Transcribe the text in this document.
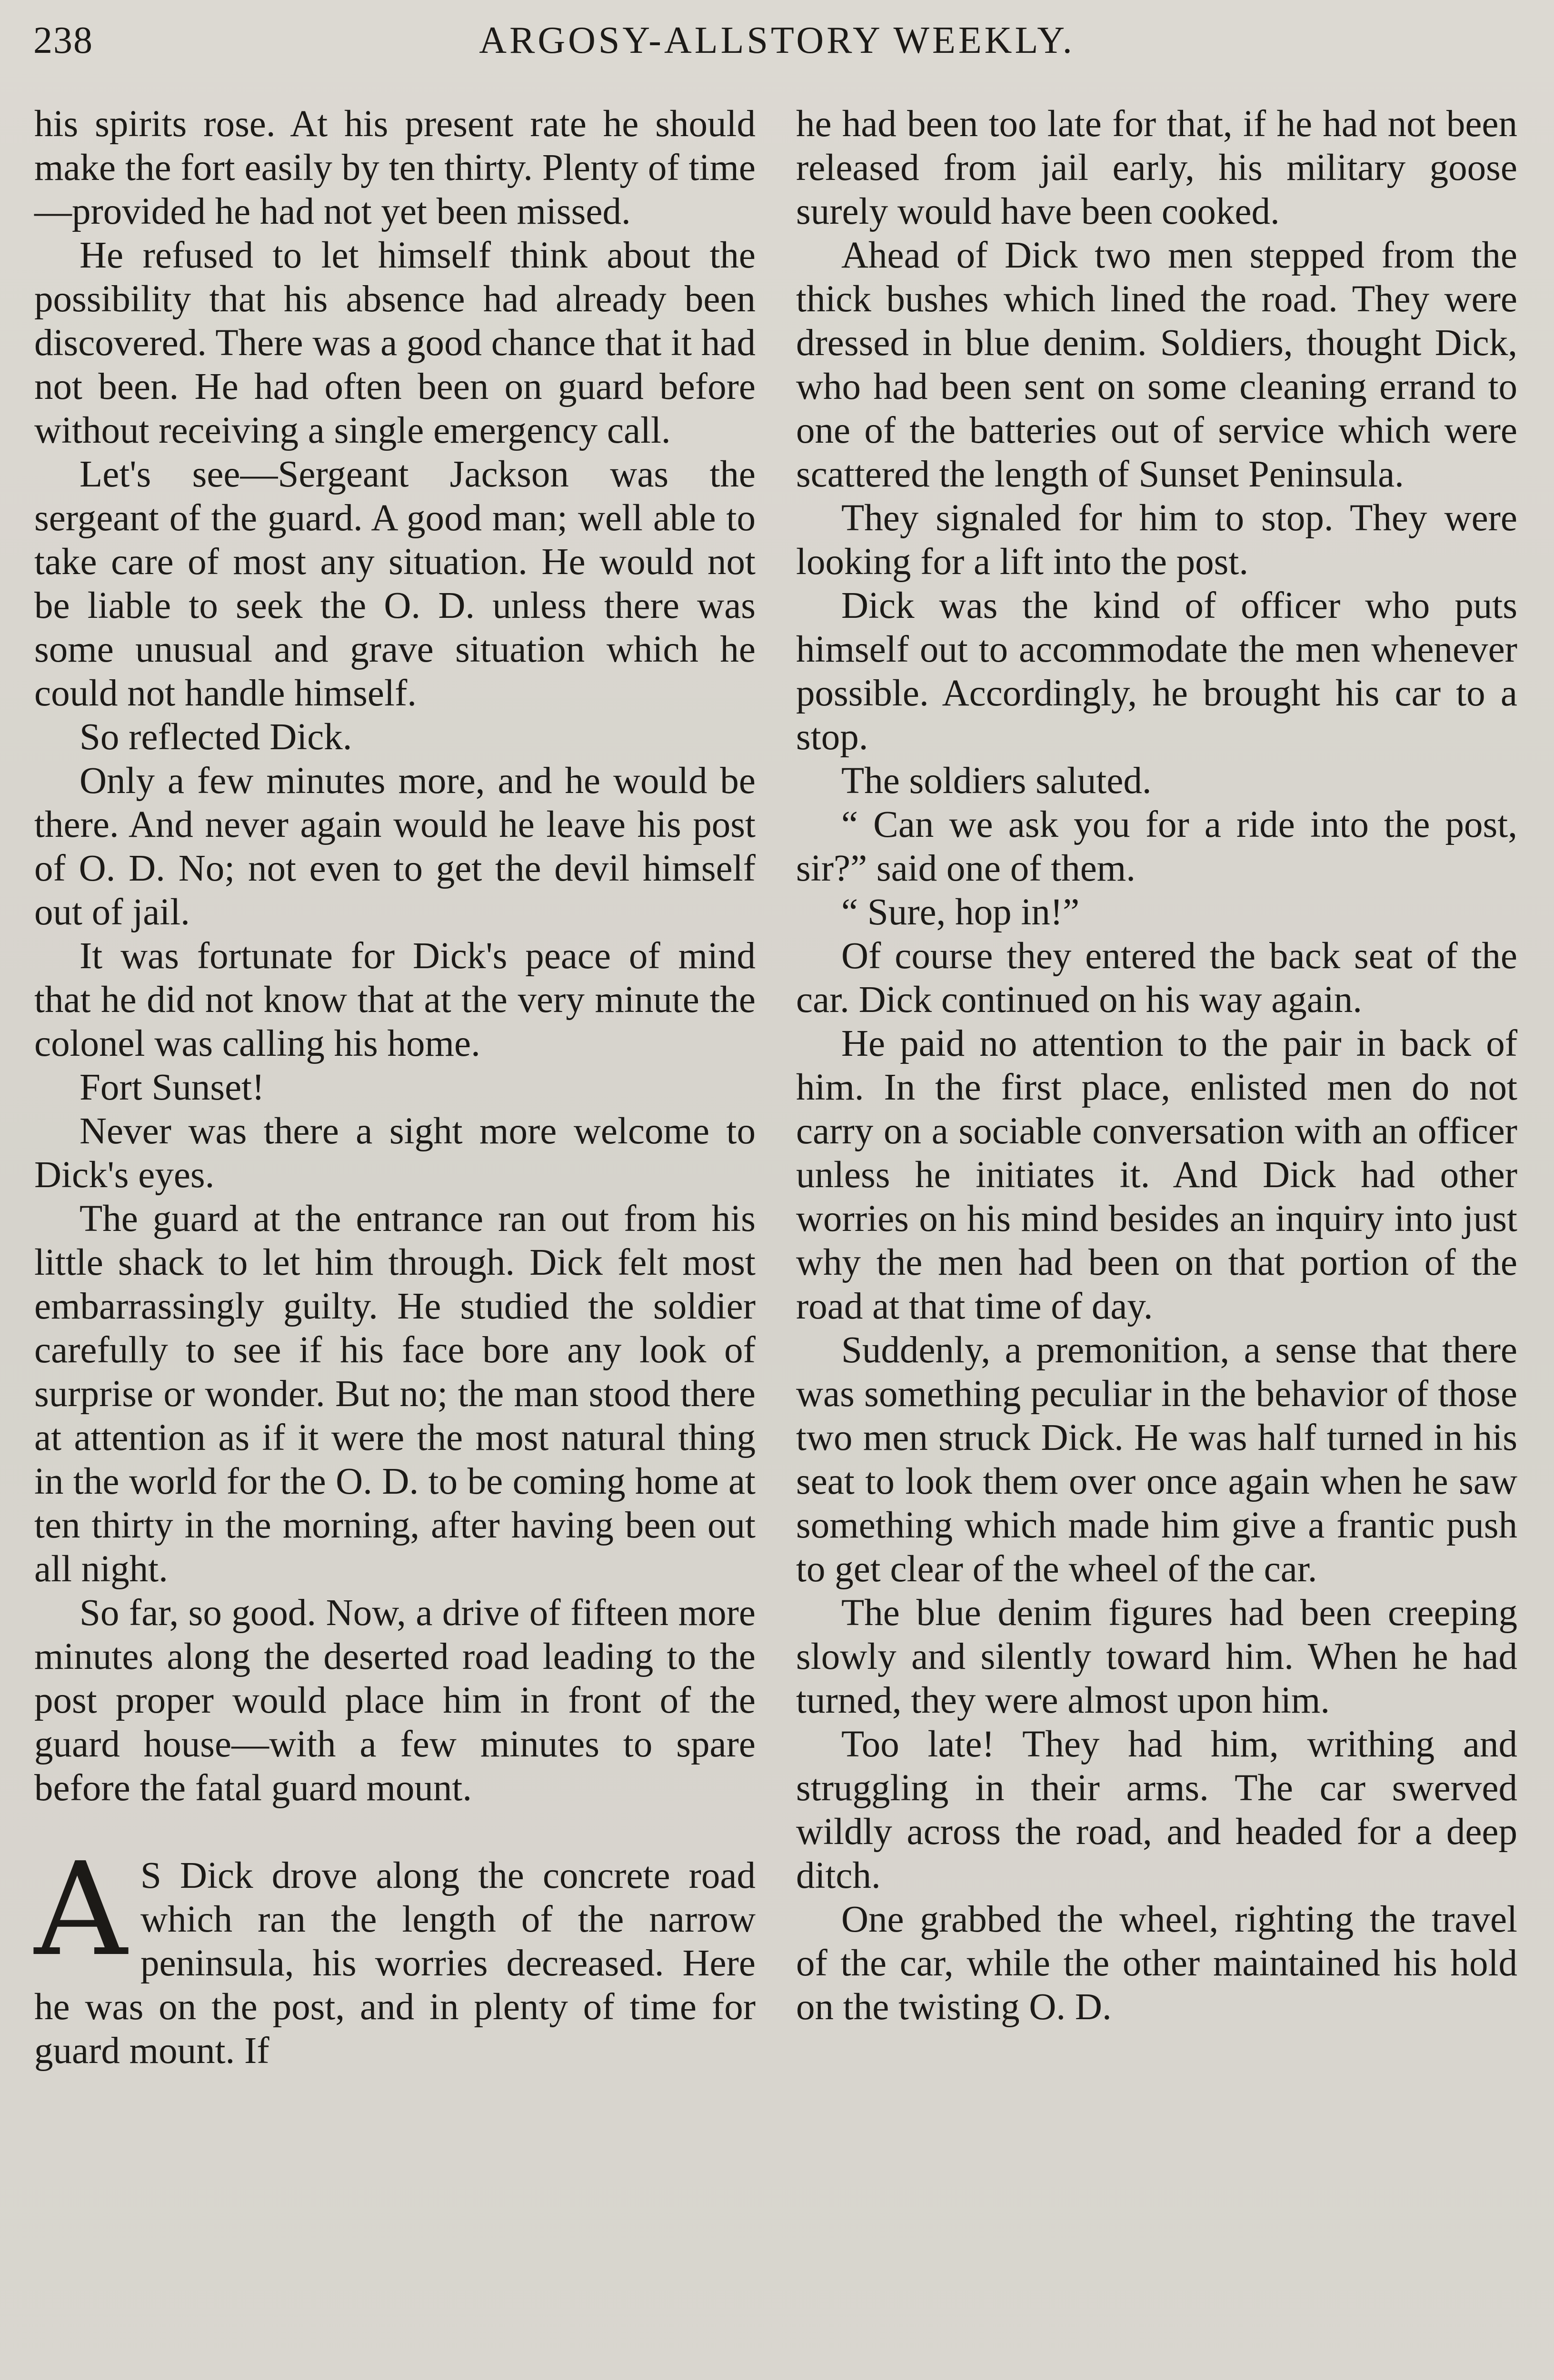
238	ARGOSY-ALLSTORY WEEKLY.

his spirits rose. At his present rate he should make the fort easily by ten thirty. Plenty of time—provided he had not yet been missed.

He refused to let himself think about the possibility that his absence had already been discovered. There was a good chance that it had not been. He had often been on guard before without receiving a single emergency call.

Let's see—Sergeant Jackson was the sergeant of the guard. A good man; well able to take care of most any situation. He would not be liable to seek the O. D. unless there was some unusual and grave situation which he could not handle himself.

So reflected Dick.

Only a few minutes more, and he would be there. And never again would he leave his post of O. D. No; not even to get the devil himself out of jail.

It was fortunate for Dick's peace of mind that he did not know that at the very minute the colonel was calling his home.

Fort Sunset!

Never was there a sight more welcome to Dick's eyes.

The guard at the entrance ran out from his little shack to let him through. Dick felt most embarrassingly guilty. He studied the soldier carefully to see if his face bore any look of surprise or wonder. But no; the man stood there at attention as if it were the most natural thing in the world for the O. D. to be coming home at ten thirty in the morning, after having been out all night.

So far, so good. Now, a drive of fifteen more minutes along the deserted road leading to the post proper would place him in front of the guard house—with a few minutes to spare before the fatal guard mount.

A S Dick drove along the concrete road which ran the length of the narrow peninsula, his worries decreased. Here he was on the post, and in plenty of time for guard mount. If

he had been too late for that, if he had not been released from jail early, his military goose surely would have been cooked.

Ahead of Dick two men stepped from the thick bushes which lined the road. They were dressed in blue denim. Soldiers, thought Dick, who had been sent on some cleaning errand to one of the batteries out of service which were scattered the length of Sunset Peninsula.

They signaled for him to stop. They were looking for a lift into the post.

Dick was the kind of officer who puts himself out to accommodate the men whenever possible. Accordingly, he brought his car to a stop.

The soldiers saluted.

“ Can we ask you for a ride into the post, sir?” said one of them.

“ Sure, hop in!”

Of course they entered the back seat of the car. Dick continued on his way again.

He paid no attention to the pair in back of him. In the first place, enlisted men do not carry on a sociable conversation with an officer unless he initiates it. And Dick had other worries on his mind besides an inquiry into just why the men had been on that portion of the road at that time of day.

Suddenly, a premonition, a sense that there was something peculiar in the behavior of those two men struck Dick. He was half turned in his seat to look them over once again when he saw something which made him give a frantic push to get clear of the wheel of the car.

The blue denim figures had been creeping slowly and silently toward him. When he had turned, they were almost upon him.

Too late! They had him, writhing and struggling in their arms. The car swerved wildly across the road, and headed for a deep ditch.

One grabbed the wheel, righting the travel of the car, while the other maintained his hold on the twisting O. D.
